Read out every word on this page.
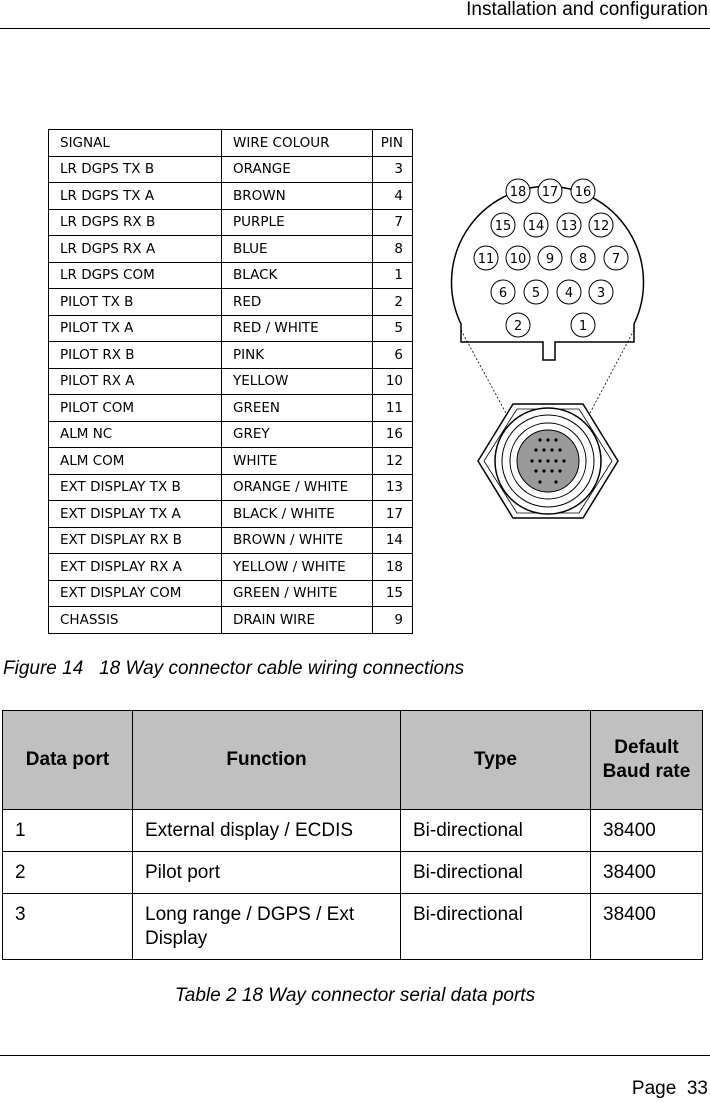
Installation and configuration
SIGNAL	WIRE COLOUR	PIN
LR DGPS TX B	ORANGE	3
LR DGPS TX A	BROWN	4
LR DGPS RX B	PURPLE	7
LR DGPS RX A	BLUE	8
LR DGPS COM	BLACK	1
PILOT TX B	RED	2
PILOT TX A	RED / WHITE	5
PILOT RX B	PINK	6
PILOT RX A	YELLOW	10
PILOT COM	GREEN	11
ALM NC	GREY	16
ALM COM	WHITE	12
EXT DISPLAY TX B	ORANGE / WHITE	13
EXT DISPLAY TX A	BLACK / WHITE	17
EXT DISPLAY RX B	BROWN / WHITE	14
EXT DISPLAY RX A	YELLOW / WHITE	18
EXT DISPLAY COM	GREEN / WHITE	15
CHASSIS	DRAIN WIRE	9
18 17 16
15 14 13 12
11 10 9 8 7
6 5 4 3
2	1
Figure 14   18 Way connector cable wiring connections
Data port	Function	Type	Default Baud rate
1	External display / ECDIS	Bi-directional	38400
2	Pilot port	Bi-directional	38400
3	Long range / DGPS / Ext Display	Bi-directional	38400
Table 2 18 Way connector serial data ports
Page  33
